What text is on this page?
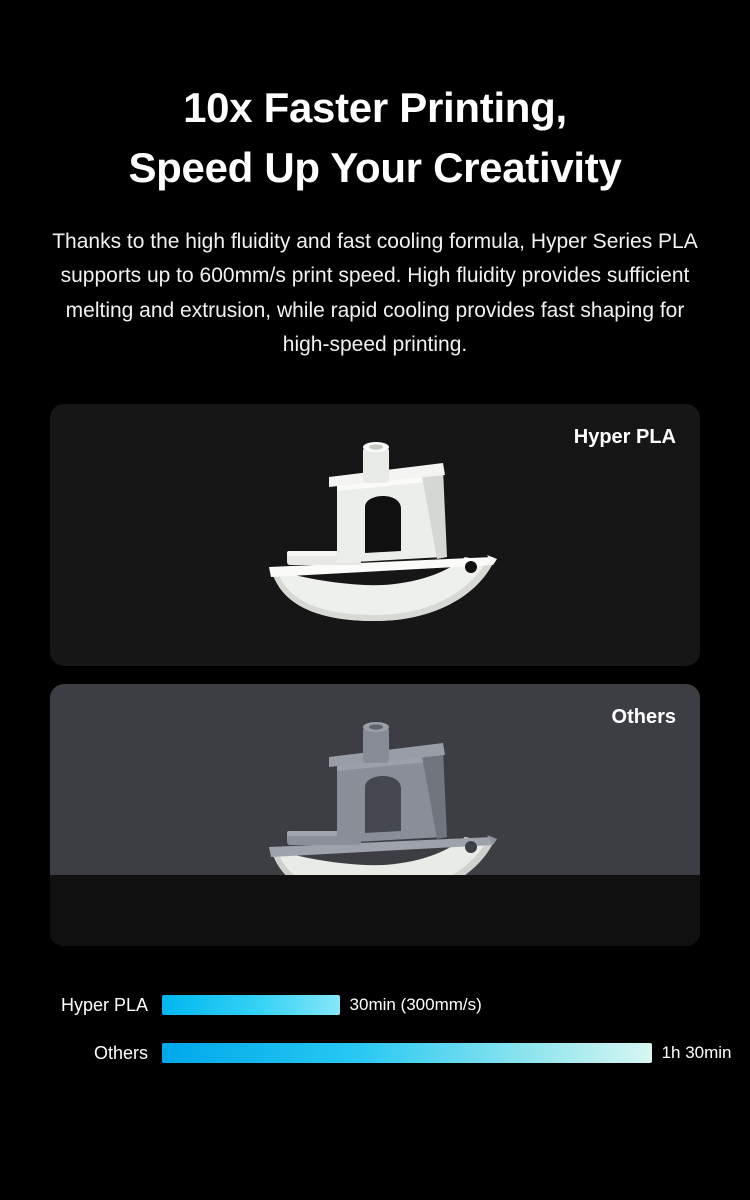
10x Faster Printing,
Speed Up Your Creativity

Thanks to the high fluidity and fast cooling formula, Hyper Series PLA supports up to 600mm/s print speed. High fluidity provides sufficient melting and extrusion, while rapid cooling provides fast shaping for high-speed printing.

Hyper PLA
Others
Hyper PLA	30min (300mm/s)
Others	1h 30min
